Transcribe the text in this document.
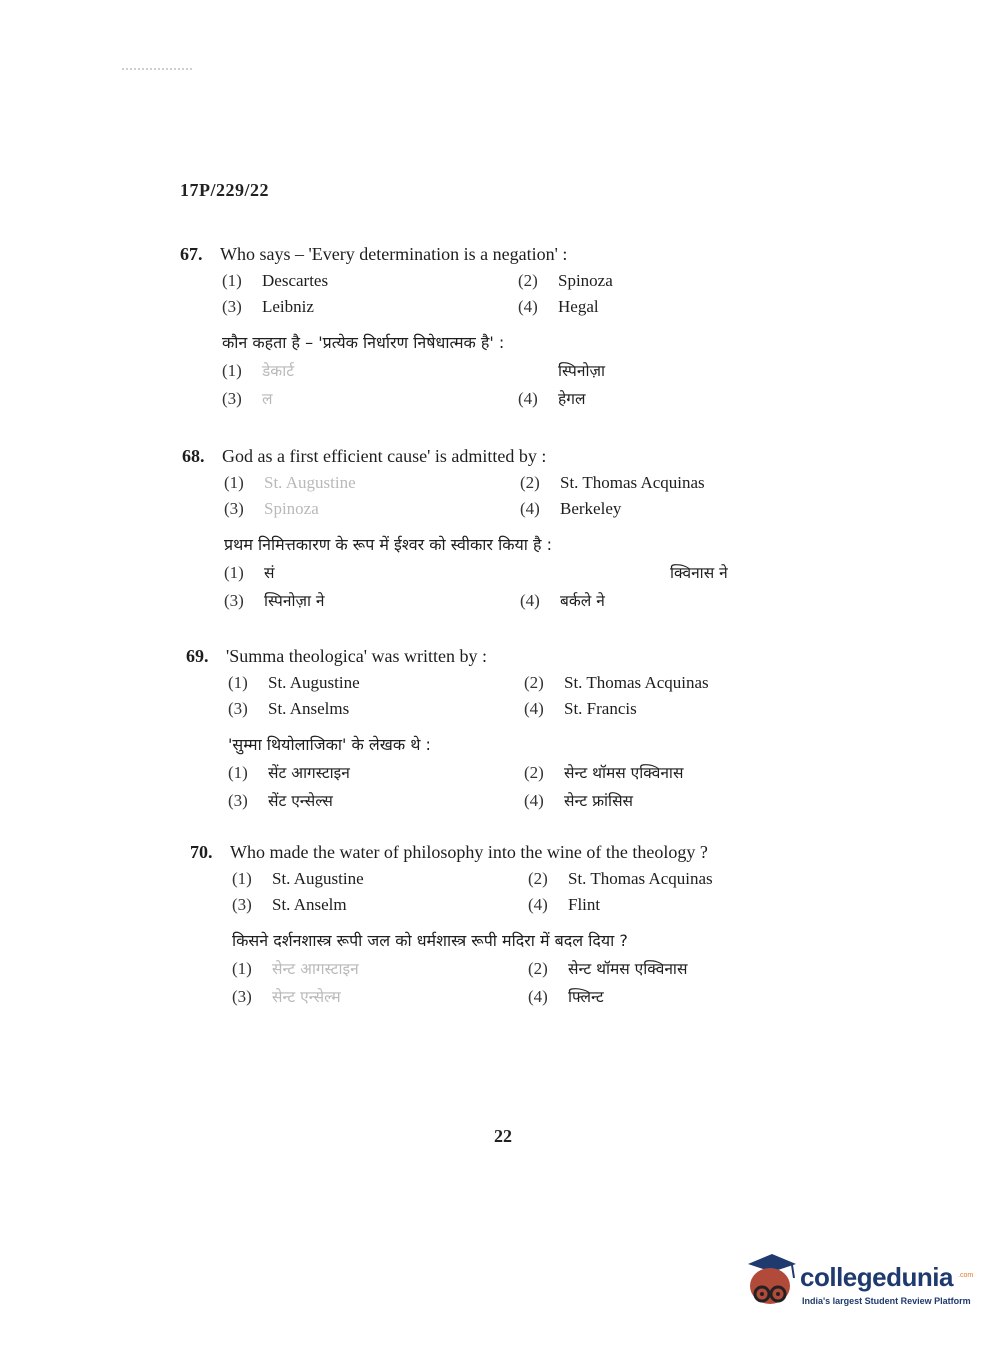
17P/229/22
67. Who says – 'Every determination is a negation' :
(1)	Descartes	(2)	Spinoza
(3)	Leibniz	(4)	Hegal
कौन कहता है – 'प्रत्येक निर्धारण निषेधात्मक है' :
(1)	डेकार्ट	स्पिनोज़ा
(3)	ल	(4)	हेगल
68. God as a first efficient cause' is admitted by :
(1)	St. Augustine	(2)	St. Thomas Acquinas
(3)	Spinoza	(4)	Berkeley
प्रथम निमित्तकारण के रूप में ईश्वर को स्वीकार किया है :
(1)	सं	क्विनास ने
(3)	स्पिनोज़ा ने	(4)	बर्कले ने
69. 'Summa theologica' was written by :
(1)	St. Augustine	(2)	St. Thomas Acquinas
(3)	St. Anselms	(4)	St. Francis
'सुम्मा थियोलाजिका' के लेखक थे :
(1)	सेंट आगस्टाइन	(2)	सेन्ट थॉमस एक्विनास
(3)	सेंट एन्सेल्स	(4)	सेन्ट फ्रांसिस
70. Who made the water of philosophy into the wine of the theology ?
(1)	St. Augustine	(2)	St. Thomas Acquinas
(3)	St. Anselm	(4)	Flint
किसने दर्शनशास्त्र रूपी जल को धर्मशास्त्र रूपी मदिरा में बदल दिया ?
(1)	सेन्ट आगस्टाइन	(2)	सेन्ट थॉमस एक्विनास
(3)	सेन्ट एन्सेल्म	(4)	फ्लिन्ट
22
collegedunia .com
India's largest Student Review Platform
